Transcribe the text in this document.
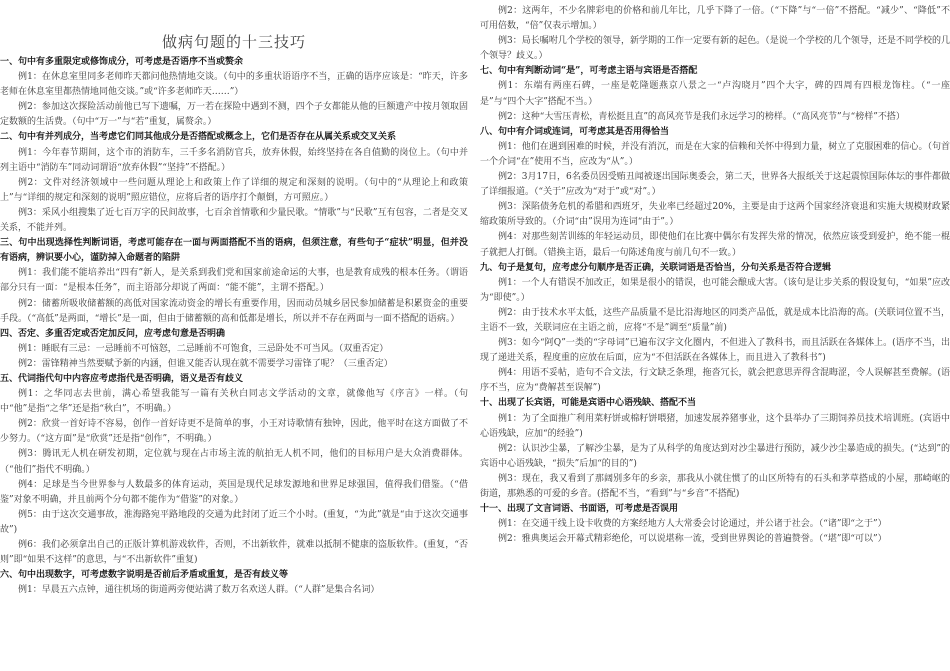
做病句题的十三技巧

一、句中有多重限定或修饰成分，可考虑是否语序不当或赘余

例1：在休息室里同多老师昨天都问他热情地交谈。（句中的多重状语语序不当，正确的语序应该是：“昨天，许多老师在休息室里都热情地同他交谈。”或“许多老师昨天……”）

例2：参加这次探险活动前他已写下遗嘱，万一若在探险中遇到不测，四个子女都能从他的巨额遗产中按月领取固定数额的生活费。（句中“万一”与“若”重复，属赘余。）

二、句中有并列成分，当考虑它们同其他成分是否搭配或概念上，它们是否存在从属关系或交叉关系

例1：今年春节期间，这个市的消防车，三千多名消防官兵，放弃休假，始终坚持在各自值勤的岗位上。（句中并列主语中“消防车”同动词谓语“放弃休假”“坚持”不搭配。）

例2：文件对经济领域中一些问题从理论上和政策上作了详细的规定和深刻的说明。（句中的“从理论上和政策上”与“详细的规定和深刻的说明”照应错位，应将后者的语序打个颠倒，方可照应。）

例3：采风小组搜集了近七百万字的民间故事，七百余首情歌和少量民歌。“情歌”与“民歌”互有包容，二者是交叉关系，不能并列。

三、句中出现选择性判断词语，考虑可能存在一面与两面搭配不当的语病，但须注意，有些句子“症状”明显，但并没有语病，辨识要小心，谨防掉入命题者的陷阱

例1：我们能不能培养出“四有”新人，是关系到我们党和国家前途命运的大事，也是教育成残的根本任务。（谓语部分只有一面：“是根本任务”，而主语部分却说了两面：“能不能”，主谓不搭配。）

例2：储蓄所吸收储蓄额的高低对国家流动资金的增长有重要作用，因而动员城乡居民参加储蓄是积累资金的重要手段。（“高低”是两面，“增长”是一面，但由于储蓄额的高和低都是增长，所以并不存在两面与一面不搭配的语病。）

四、否定、多重否定或否定加反问，应考虑句意是否明确

例1：睡眠有三忌：一忌睡前不可恼怒，二忌睡前不可饱食，三忌卧处不可当风。（双重否定）

例2：雷锋精神当然要赋予新的内涵，但谁又能否认现在就不需要学习雷锋了呢？（三重否定）

五、代词指代句中内容应考虑指代是否明确，语义是否有歧义

例1：之华同志去世前，满心希望我能写一篇有关秋白同志文学活动的文章，就像他写《序言》一样。（句中“他”是指“之华”还是指“秋白”，不明确。）

例2：欣赏一首好诗不容易，创作一首好诗更不是简单的事，小王对诗歌情有独钟，因此，他平时在这方面做了不少努力。（“这方面”是“欣赏”还是指“创作”，不明确。）

例3：腾讯无人机在研发初期，定位就与现在占市场主流的航拍无人机不同，他们的目标用户是大众消费群体。（“他们”指代不明确。）

例4：足球是当今世界参与人数最多的体育运动，英国是现代足球发源地和世界足球强国，值得我们借鉴。（“借鉴”对象不明确，并且前两个分句都不能作为“借鉴”的对象。）

例5：由于这次交通事故，淮海路宛平路地段的交通为此封闭了近三个小时。(重复，“为此”就是“由于这次交通事故”)

例6：我们必须拿出自己的正版计算机游戏软件，否则，不出新软件，就难以抵制不健康的盗版软件。(重复，“否则”即“如果不这样”的意思，与“不出新软件”重复)

六、句中出现数字，可考虑数字说明是否前后矛盾或重复，是否有歧义等

例1：早晨五六点钟，通往机场的街道两旁便站满了数万名欢送人群。（“人群”是集合名词）

例2：这两年，不少名牌彩电的价格和前几年比，几乎下降了一倍。（“下降”与“一倍”不搭配。“减少”、“降低”不可用倍数，“倍”仅表示增加。）

例3：局长嘱咐几个学校的领导，新学期的工作一定要有新的起色。（是说一个学校的几个领导，还是不同学校的几个领导？歧义。）

七、句中有判断动词“是”，可考虑主语与宾语是否搭配

例1：东端有两座石碑，一座是乾隆题燕京八景之一“卢沟晓月”四个大字，碑的四周有四根龙饰柱。（“一座是”与“四个大字”搭配不当。）

例2：这种“大雪压青松，青松挺且直”的高风亮节是我们永远学习的榜样。（“高风亮节”与“榜样”不搭）

八、句中有介词或连词，可考虑其是否用得恰当

例1：他们在遇到困难的时候，并没有消沉，而是在大家的信赖和关怀中得到力量，树立了克服困难的信心。（句首一个介词“在”使用不当，应改为“从”。）

例2：3月17日，6名委员因受贿丑闻被逐出国际奥委会，第二天，世界各大报纸关于这起震惊国际体坛的事件都做了详细报道。（“关于”应改为“对于”或“对”。）

例3：深陷债务危机的希腊和西班牙，失业率已经超过20%，主要是由于这两个国家经济衰退和实施大规模财政紧缩政策所导致的。（介词“由”误用为连词“由于”。）

例4：对那些刻苦训练的年轻运动员，即使他们在比赛中偶尔有发挥失常的情况，依然应该受到爱护，绝不能一棍子就把人打倒。（错换主语，最后一句陈述角度与前几句不一致。）

九、句子是复句，应考虑分句顺序是否正确，关联词语是否恰当，分句关系是否符合逻辑

例1：一个人有错误不加改正，如果是很小的错误，也可能会酿成大害。（该句是让步关系的假设复句，“如果”应改为“即使”。）

例2：由于技术水平太低，这些产品质量不是比沿海地区的同类产品低，就是成本比沿海的高。(关联词位置不当，主语不一致，关联词应在主语之前，应将“不是”调至“质量”前)

例3：如今“阿Q”一类的“字母词”已遍布汉字文化圈内，不但进入了教科书，而且活跃在各媒体上。(语序不当，出现了递进关系，程度重的应放在后面，应为“不但活跃在各媒体上，而且进入了教科书”)

例4：用语不妥帖，造句不合文法，行文缺乏条理，拖沓冗长，就会把意思弄得含混晦涩，令人误解甚至费解。(语序不当，应为“费解甚至误解”)

十、出现了长宾语，可能是宾语中心语残缺、搭配不当

例1：为了全面推广利用菜籽饼或棉籽饼喂猪，加速发展养猪事业，这个县举办了三期饲养员技术培训班。(宾语中心语残缺，应加“的经验”)

例2：认识沙尘暴，了解沙尘暴，是为了从科学的角度达到对沙尘暴进行预防，减少沙尘暴造成的损失。(“达到”的宾语中心语残缺，“损失”后加“的目的”)

例3：现在，我又看到了那阔别多年的乡亲，那我从小就住惯了的山区所特有的石头和茅草搭成的小屋，那崎岖的街道，那熟悉的可爱的乡音。(搭配不当，“看到”与“乡音”不搭配)

十一、出现了文言词语、书面语，可考虑是否误用

例1：在交通干线上设卡收费的方案经地方人大常委会讨论通过，并公诸于社会。（“诸”即“之于”）

例2：雅典奥运会开幕式精彩绝伦，可以说堪称一流，受到世界舆论的普遍赞誉。（“堪”即“可以”）
